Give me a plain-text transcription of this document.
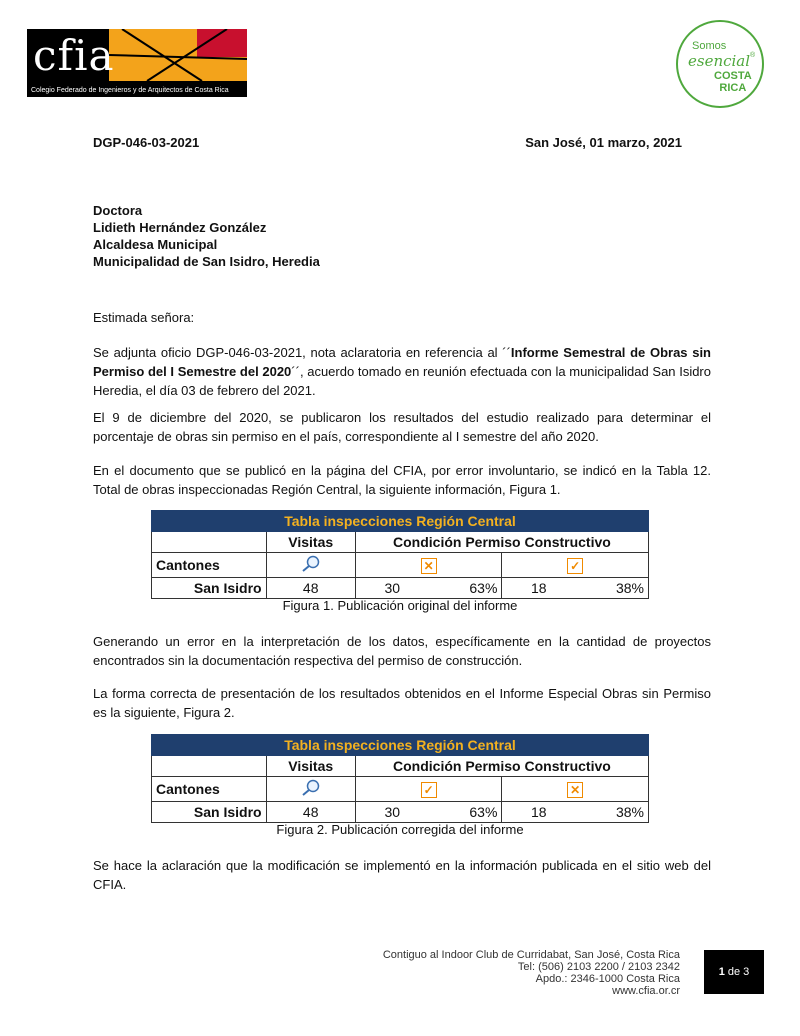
cfia
Colegio Federado de Ingenieros y de Arquitectos de Costa Rica
Somos
esencial ®
COSTA
RICA
DGP-046-03-2021	San José, 01 marzo, 2021
Doctora
Lidieth Hernández González
Alcaldesa Municipal
Municipalidad de San Isidro, Heredia
Estimada señora:
Se adjunta oficio DGP-046-03-2021, nota aclaratoria en referencia al ´´Informe Semestral de Obras sin Permiso del I Semestre del 2020´´, acuerdo tomado en reunión efectuada con la municipalidad San Isidro Heredia, el día 03 de febrero del 2021.
El 9 de diciembre del 2020, se publicaron los resultados del estudio realizado para determinar el porcentaje de obras sin permiso en el país, correspondiente al I semestre del año 2020.
En el documento que se publicó en la página del CFIA, por error involuntario, se indicó en la Tabla 12. Total de obras inspeccionadas Región Central, la siguiente información, Figura 1.
Tabla inspecciones Región Central					
	Visitas	Condición Permiso Constructivo			
Cantones		✕		✓	
San Isidro	48	30	63%	18	38%
Figura 1. Publicación original del informe
Generando un error en la interpretación de los datos, específicamente en la cantidad de proyectos encontrados sin la documentación respectiva del permiso de construcción.
La forma correcta de presentación de los resultados obtenidos en el Informe Especial Obras sin Permiso es la siguiente, Figura 2.
Tabla inspecciones Región Central					
	Visitas	Condición Permiso Constructivo			
Cantones		✓		✕	
San Isidro	48	30	63%	18	38%
Figura 2. Publicación corregida del informe
Se hace la aclaración que la modificación se implementó en la información publicada en el sitio web del CFIA.
Contiguo al Indoor Club de Curridabat, San José, Costa Rica
Tel: (506) 2103 2200 / 2103 2342
Apdo.: 2346-1000 Costa Rica
www.cfia.or.cr
1 de 3
